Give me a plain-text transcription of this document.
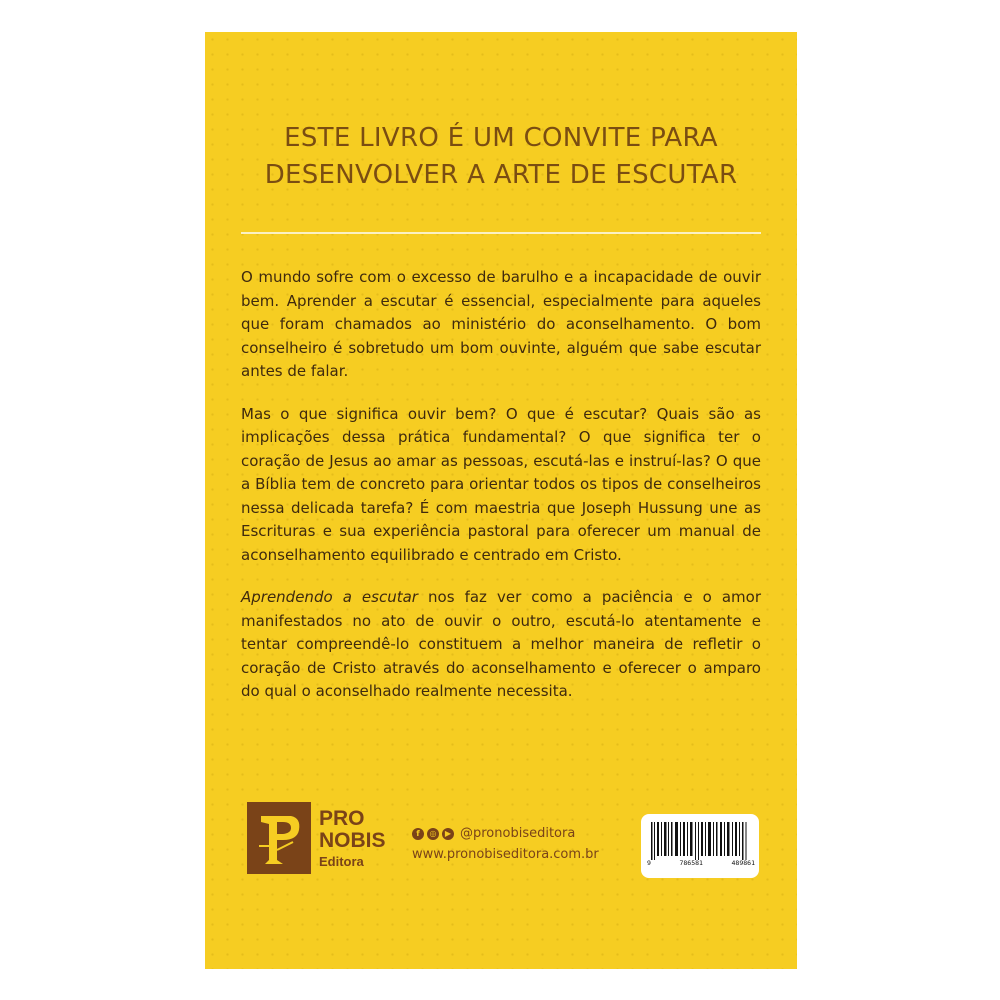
ESTE LIVRO É UM CONVITE PARA
DESENVOLVER A ARTE DE ESCUTAR

O mundo sofre com o excesso de barulho e a incapacidade de ouvir bem. Aprender a escutar é essencial, especialmente para aqueles que foram chamados ao ministério do aconselhamento. O bom conselheiro é sobretudo um bom ouvinte, alguém que sabe escutar antes de falar.

Mas o que significa ouvir bem? O que é escutar? Quais são as implicações dessa prática fundamental? O que significa ter o coração de Jesus ao amar as pessoas, escutá-las e instruí-las? O que a Bíblia tem de concreto para orientar todos os tipos de conselheiros nessa delicada tarefa? É com maestria que Joseph Hussung une as Escrituras e sua experiência pastoral para oferecer um manual de aconselhamento equilibrado e centrado em Cristo.

Aprendendo a escutar nos faz ver como a paciência e o amor manifestados no ato de ouvir o outro, escutá-lo atentamente e tentar compreendê-lo constituem a melhor maneira de refletir o coração de Cristo através do aconselhamento e oferecer o amparo do qual o aconselhado realmente necessita.

PRO
NOBIS
Editora
f	◎	▶ @pronobiseditora
www.pronobiseditora.com.br
9	786581	489861
